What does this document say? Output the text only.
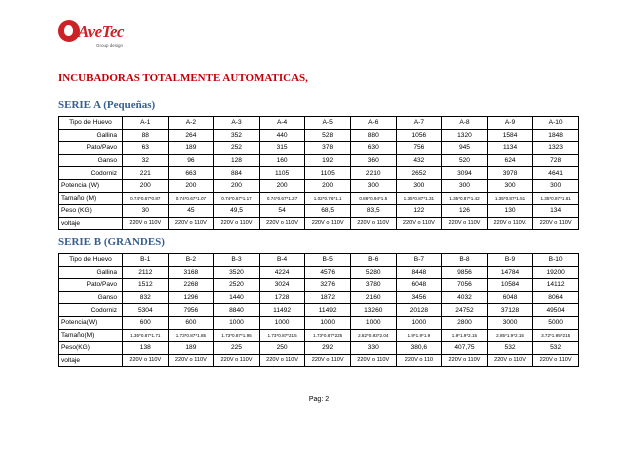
AveTec
Group design
INCUBADORAS TOTALMENTE AUTOMATICAS,
SERIE A (Pequeñas)
Tipo de Huevo	A-1	A-2	A-3	A-4	A-5	A-6	A-7	A-8	A-9	A-10
Gallina	88	264	352	440	528	880	1056	1320	1584	1848
Pato/Pavo	63	189	252	315	378	630	756	945	1134	1323
Ganso	32	96	128	160	192	360	432	520	624	728
Codorniz	221	663	884	1105	1105	2210	2652	3094	3978	4641
Potencia (W)	200	200	200	200	200	300	300	300	300	300
Tamaño (M)	0.74*0.67*0.87	0.74*0.67*1.07	0.74*0.67*1.17	0.74*0.67*1.27	1.02*0.76*1.1	0.86*0.94*1.5	1.35*0.87*1.31	1.35*0.87*1.42	1.35*0.87*1.51	1.35*0.87*1.61
Peso (KG)	30	45	49,5	54	68,5	83,5	122	126	130	134
voltaje	220V o 110V	220V o 110V	220V o 110V	220V o 110V	220V o 110V	220V o 110V	220V o 110V	220V o 110V	220V o 110V.	220V o 110V
SERIE B (GRANDES)
Tipo de Huevo	B-1	B-2	B-3	B-4	B-5	B-6	B-7	B-8	B-9	B-10
Gallina	2112	3168	3520	4224	4576	5280	8448	9856	14784	19200
Pato/Pavo	1512	2268	2520	3024	3276	3780	6048	7056	10584	14112
Ganso	832	1296	1440	1728	1872	2160	3456	4032	6048	8064
Codorniz	5304	7956	8840	11492	11492	13260	20128	24752	37128	49504
Potencia(W)	600	600	1000	1000	1000	1000	1000	2800	3000	5000
Tamaño(M)	1.35*0.87*1.71	1.73*0.87*1.85	1.73*0.87*1.95	1.73*0.87*215	1.73*0.87*225	2.82*0.93*2.04	1.9*1.9*1.9	1.9*1.9*2.15	2.85*1.9*2.15	3.72*1.95*215
Peso(KG)	138	189	225	250	292	330	380,6	407,75	532	532
voltaje	220V o 110V	220V o 110V	220V o 110V	220V o 110V	220V o 110V	220V o 110V	220V o 110	220V o 110V	220V o 110V	220V o 110V
Pag: 2
